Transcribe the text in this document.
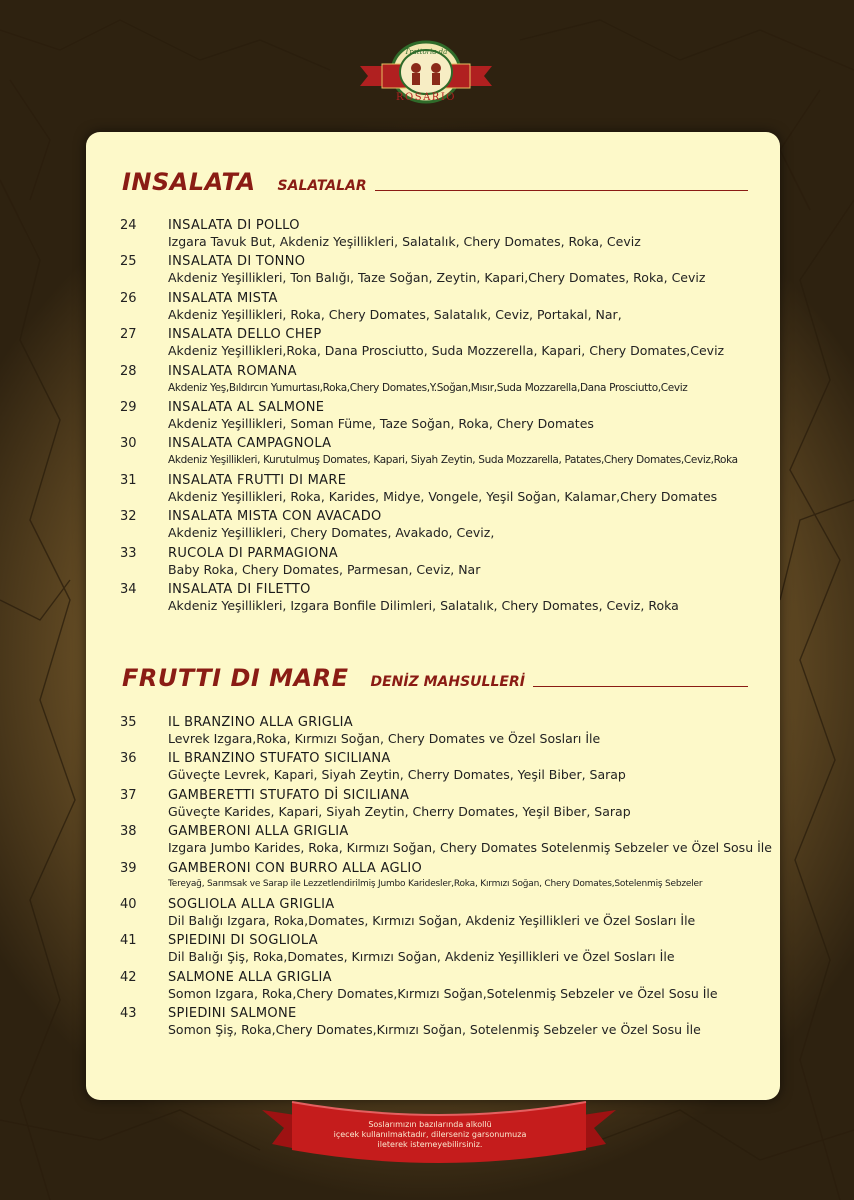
Trattoria da
ROSARIO
INSALATA SALATALAR
24 INSALATA DI POLLO
Izgara Tavuk But, Akdeniz Yeşillikleri, Salatalık, Chery Domates, Roka, Ceviz
25 INSALATA DI TONNO
Akdeniz Yeşillikleri, Ton Balığı, Taze Soğan, Zeytin, Kapari,Chery Domates, Roka, Ceviz
26 INSALATA MISTA
Akdeniz Yeşillikleri, Roka, Chery Domates, Salatalık, Ceviz, Portakal, Nar,
27 INSALATA DELLO CHEP
Akdeniz Yeşillikleri,Roka, Dana Prosciutto, Suda Mozzerella, Kapari, Chery Domates,Ceviz
28 INSALATA ROMANA
Akdeniz Yeş,Bıldırcın Yumurtası,Roka,Chery Domates,Y.Soğan,Mısır,Suda Mozzarella,Dana Prosciutto,Ceviz
29 INSALATA AL SALMONE
Akdeniz Yeşillikleri, Soman Füme, Taze Soğan, Roka, Chery Domates
30 INSALATA CAMPAGNOLA
Akdeniz Yeşillikleri, Kurutulmuş Domates, Kapari, Siyah Zeytin, Suda Mozzarella, Patates,Chery Domates,Ceviz,Roka
31 INSALATA FRUTTI DI MARE
Akdeniz Yeşillikleri, Roka, Karides, Midye, Vongele, Yeşil Soğan, Kalamar,Chery Domates
32 INSALATA MISTA CON AVACADO
Akdeniz Yeşillikleri, Chery Domates, Avakado, Ceviz,
33 RUCOLA DI PARMAGIONA
Baby Roka, Chery Domates, Parmesan, Ceviz, Nar
34 INSALATA DI FILETTO
Akdeniz Yeşillikleri, Izgara Bonfile Dilimleri, Salatalık, Chery Domates, Ceviz, Roka
FRUTTI DI MARE DENİZ MAHSULLERİ
35 IL BRANZINO ALLA GRIGLIA
Levrek Izgara,Roka, Kırmızı Soğan, Chery Domates ve Özel Sosları İle
36 IL BRANZINO STUFATO SICILIANA
Güveçte Levrek, Kapari, Siyah Zeytin, Cherry Domates, Yeşil Biber, Sarap
37 GAMBERETTI STUFATO Dİ SICILIANA
Güveçte Karides, Kapari, Siyah Zeytin, Cherry Domates, Yeşil Biber, Sarap
38 GAMBERONI ALLA GRIGLIA
Izgara Jumbo Karides, Roka, Kırmızı Soğan, Chery Domates Sotelenmiş Sebzeler ve Özel Sosu İle
39 GAMBERONI CON BURRO ALLA AGLIO
Tereyağ, Sarımsak ve Sarap ile Lezzetlendirilmiş Jumbo Karidesler,Roka, Kırmızı Soğan, Chery Domates,Sotelenmiş Sebzeler
40 SOGLIOLA ALLA GRIGLIA
Dil Balığı Izgara, Roka,Domates, Kırmızı Soğan, Akdeniz Yeşillikleri ve Özel Sosları İle
41 SPIEDINI DI SOGLIOLA
Dil Balığı Şiş, Roka,Domates, Kırmızı Soğan, Akdeniz Yeşillikleri ve Özel Sosları İle
42 SALMONE ALLA GRIGLIA
Somon Izgara, Roka,Chery Domates,Kırmızı Soğan,Sotelenmiş Sebzeler ve Özel Sosu İle
43 SPIEDINI SALMONE
Somon Şiş, Roka,Chery Domates,Kırmızı Soğan, Sotelenmiş Sebzeler ve Özel Sosu İle
Soslarımızın bazılarında alkollü
içecek kullanılmaktadır, dilerseniz garsonumuza
ileterek istemeyebilirsiniz.
